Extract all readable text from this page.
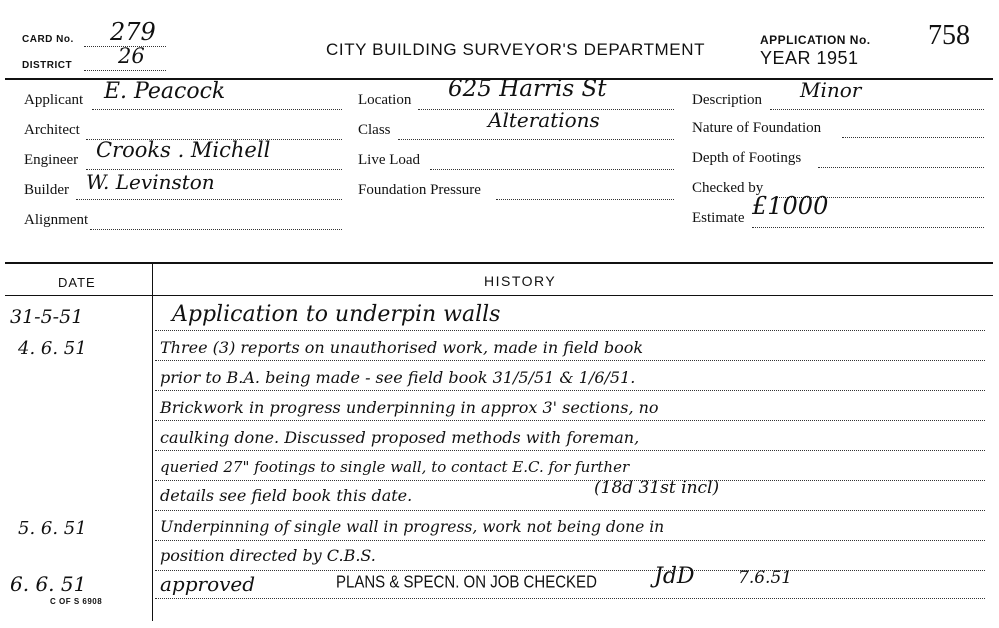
CARD No. 279
DISTRICT 26	CITY BUILDING SURVEYOR'S DEPARTMENT	APPLICATION No. 758
YEAR 1951
Applicant E. Peacock
Architect
Engineer Crooks . Michell
Builder W. Levinston
Alignment
Location 625 Harris St
Class	Alterations
Live Load
Foundation Pressure
Description Minor
Nature of Foundation
Depth of Footings
Checked by
Estimate £1000
DATE	HISTORY
31-5-51	Application to underpin walls
4. 6. 51	Three (3) reports on unauthorised work, made in field book
prior to B.A. being made - see field book 31/5/51 & 1/6/51.
Brickwork in progress underpinning in approx 3' sections, no
caulking done. Discussed proposed methods with foreman,
queried 27" footings to single wall, to contact E.C. for further
details see field book this date.	(18d 31st incl)
5. 6. 51	Underpinning of single wall in progress, work not being done in
position directed by C.B.S.
6. 6. 51	approved	PLANS & SPECN. ON JOB CHECKED	JdD	7.6.51
C OF S 6908
